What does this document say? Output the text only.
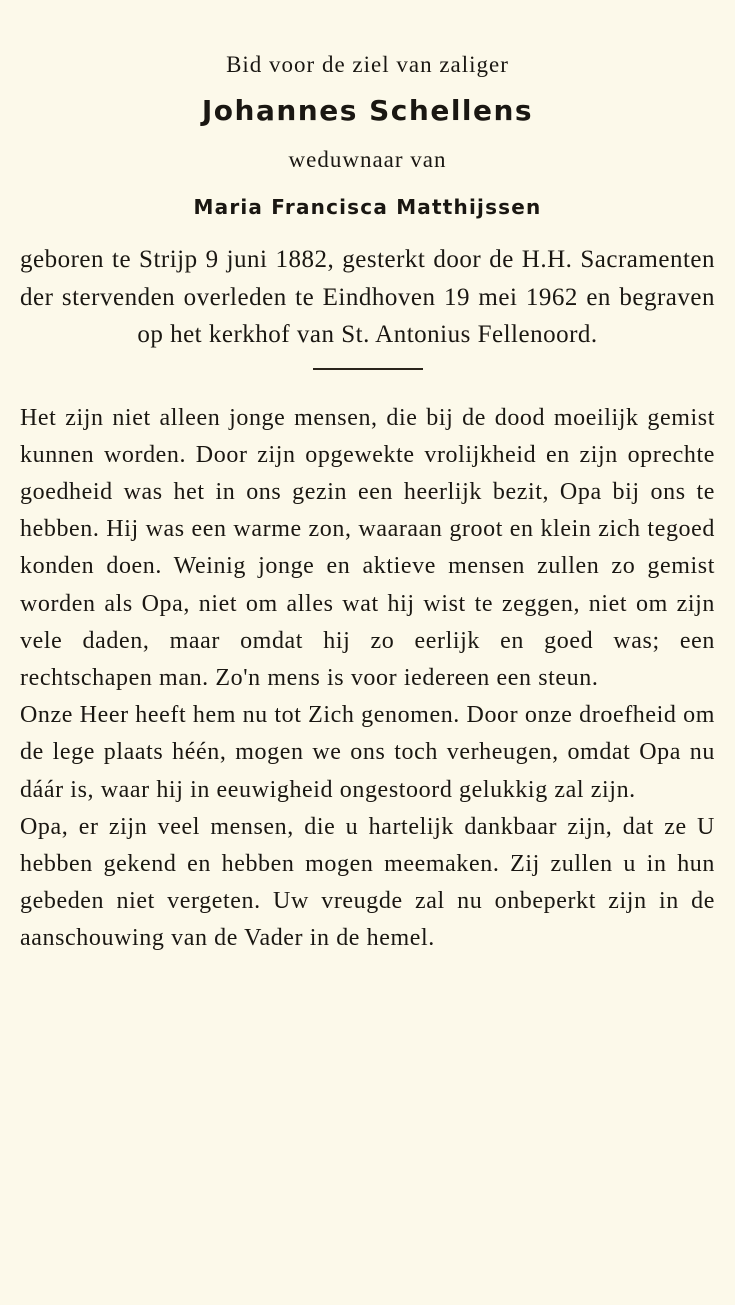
Bid voor de ziel van zaliger

Johannes Schellens

weduwnaar van

Maria Francisca Matthijssen

geboren te Strijp 9 juni 1882, gesterkt door de H.H. Sacramenten der stervenden overleden te Eindhoven 19 mei 1962 en begraven op het kerkhof van St. Antonius Fellenoord.

Het zijn niet alleen jonge mensen, die bij de dood moeilijk gemist kunnen worden. Door zijn opgewekte vrolijkheid en zijn oprechte goedheid was het in ons gezin een heerlijk bezit, Opa bij ons te hebben. Hij was een warme zon, waaraan groot en klein zich tegoed konden doen. Weinig jonge en aktieve mensen zullen zo gemist worden als Opa, niet om alles wat hij wist te zeggen, niet om zijn vele daden, maar omdat hij zo eerlijk en goed was; een rechtschapen man. Zo'n mens is voor iedereen een steun.

Onze Heer heeft hem nu tot Zich genomen. Door onze droefheid om de lege plaats héén, mogen we ons toch verheugen, omdat Opa nu dáár is, waar hij in eeuwigheid ongestoord gelukkig zal zijn.

Opa, er zijn veel mensen, die u hartelijk dankbaar zijn, dat ze U hebben gekend en hebben mogen meemaken. Zij zullen u in hun gebeden niet vergeten. Uw vreugde zal nu onbeperkt zijn in de aanschouwing van de Vader in de hemel.
